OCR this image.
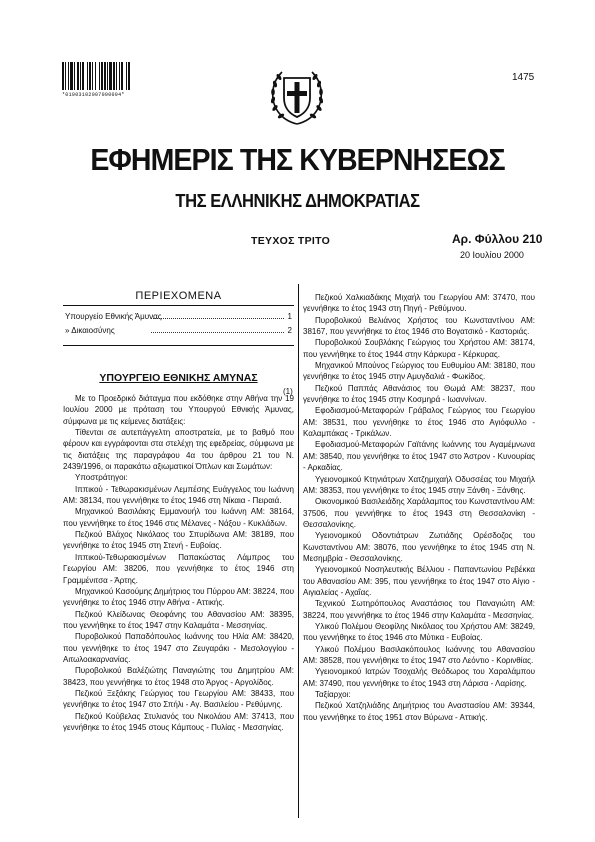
*01003102007000004*
1475
ΕΦΗΜΕΡΙΣ ΤΗΣ ΚΥΒΕΡΝΗΣΕΩΣ
ΤΗΣ ΕΛΛΗΝΙΚΗΣ ΔΗΜΟΚΡΑΤΙΑΣ
ΤΕΥΧΟΣ ΤΡΙΤΟ	Αρ. Φύλλου 210
20 Ιουλίου 2000
ΠΕΡΙΕΧΟΜΕΝΑ
Υπουργείο Εθνικής Άμυνας	1
» Δικαιοσύνης	2
ΥΠΟΥΡΓΕΙΟ ΕΘΝΙΚΗΣ ΑΜΥΝΑΣ
(1)

Με το Προεδρικό διάταγμα που εκδόθηκε στην Αθήνα την 19 Ιουλίου 2000 με πρόταση του Υπουργού Εθνικής Άμυνας, σύμφωνα με τις κείμενες διατάξεις:

Τίθενται σε αυτεπάγγελτη αποστρατεία, με το βαθμό που φέρουν και εγγράφονται στα στελέχη της εφεδρείας, σύμφωνα με τις διατάξεις της παραγράφου 4α του άρθρου 21 του Ν. 2439/1996, οι παρακάτω αξιωματικοί Όπλων και Σωμάτων:

Υποστράτηγοι:

Ιππικού - Τεθωρακισμένων Λεμπέσης Ευάγγελος του Ιωάννη ΑΜ: 38134, που γεννήθηκε το έτος 1946 στη Νίκαια - Πειραιά.

Μηχανικού Βασιλάκης Εμμανουήλ του Ιωάννη ΑΜ: 38164, που γεννήθηκε το έτος 1946 στις Μέλανες - Νάξου - Κυκλάδων.

Πεζικού Βλάχος Νικόλαος του Σπυρίδωνα ΑΜ: 38189, που γεννήθηκε το έτος 1945 στη Στενή - Ευβοίας.

Ιππικού-Τεθωρακισμένων Παπακώστας Λάμπρος του Γεωργίου ΑΜ: 38206, που γεννήθηκε το έτος 1946 στη Γραμμένιτσα - Άρτης.

Μηχανικού Κασούμης Δημήτριος του Πύρρου ΑΜ: 38224, που γεννήθηκε το έτος 1946 στην Αθήνα - Αττικής.

Πεζικού Κλείδωνας Θεοφάνης του Αθανασίου ΑΜ: 38395, που γεννήθηκε το έτος 1947 στην Καλαμάτα - Μεσσηνίας.

Πυροβολικού Παπαδόπουλος Ιωάννης του Ηλία ΑΜ: 38420, που γεννήθηκε το έτος 1947 στο Ζευγαράκι - Μεσολογγίου - Αιτωλοακαρνανίας.

Πυροβολικού Βαλέζιώτης Παναγιώτης του Δημητρίου ΑΜ: 38423, που γεννήθηκε το έτος 1948 στο Άργος - Αργολίδος.

Πεζικού Ξεξάκης Γεώργιος του Γεωργίου ΑΜ: 38433, που γεννήθηκε το έτος 1947 στο Σπήλι - Αγ. Βασιλείου - Ρεθύμνης.

Πεζικού Κούβελας Στυλιανός του Νικολάου ΑΜ: 37413, που γεννήθηκε το έτος 1945 στους Κάμπους - Πυλίας - Μεσσηνίας.

Πεζικού Χαλκιαδάκης Μιχαήλ του Γεωργίου ΑΜ: 37470, που γεννήθηκε το έτος 1943 στη Πηγή - Ρεθύμνου.

Πυροβολικού Βελιάνος Χρήστος του Κωνσταντίνου ΑΜ: 38167, που γεννήθηκε το έτος 1946 στο Βογατσικό - Καστοριάς.

Πυροβολικού Σουβλάκης Γεώργιος του Χρήστου ΑΜ: 38174, που γεννήθηκε το έτος 1944 στην Κάρκυρα - Κέρκυρας.

Μηχανικού Μπούνος Γεώργιος του Ευθυμίου ΑΜ: 38180, που γεννήθηκε το έτος 1945 στην Αμυγδαλιά - Φωκίδος.

Πεζικού Παππάς Αθανάσιος του Θωμά ΑΜ: 38237, που γεννήθηκε το έτος 1945 στην Κοσμηρά - Ιωαννίνων.

Εφοδιασμού-Μεταφορών Γράβαλος Γεώργιος του Γεωργίου ΑΜ: 38531, που γεννήθηκε το έτος 1946 στο Αγιόφυλλο - Καλαμπάκας - Τρικάλων.

Εφοδιασμού-Μεταφορών Γαϊτάνης Ιωάννης του Αγαμέμνωνα ΑΜ: 38540, που γεννήθηκε το έτος 1947 στο Άστρον - Κυνουρίας - Αρκαδίας.

Υγειονομικού Κτηνιάτρων Χατζημιχαήλ Οδυσσέας του Μιχαήλ ΑΜ: 38353, που γεννήθηκε το έτος 1945 στην Ξάνθη - Ξάνθης.

Οικονομικού Βασιλειάδης Χαράλαμπος του Κωνσταντίνου ΑΜ: 37506, που γεννήθηκε το έτος 1943 στη Θεσσαλονίκη - Θεσσαλονίκης.

Υγειονομικού Οδοντιάτρων Ζωτιάδης Ορέσδοζος του Κωνσταντίνου ΑΜ: 38076, που γεννήθηκε το έτος 1945 στη Ν. Μεσημβρία - Θεσσαλονίκης.

Υγειονομικού Νοσηλευτικής Βέλλιου - Παπαντωνίου Ρεβέκκα του Αθανασίου ΑΜ: 395, που γεννήθηκε το έτος 1947 στο Αίγιο - Αιγιαλείας - Αχαΐας.

Τεχνικού Σωτηρόπουλος Αναστάσιος του Παναγιώτη ΑΜ: 38224, που γεννήθηκε το έτος 1946 στην Καλαμάτα - Μεσσηνίας.

Υλικού Πολέμου Θεοφίλης Νικόλαος του Χρήστου ΑΜ: 38249, που γεννήθηκε το έτος 1946 στο Μύτικα - Ευβοίας.

Υλικού Πολέμου Βασιλακόπουλος Ιωάννης του Αθανασίου ΑΜ: 38528, που γεννήθηκε το έτος 1947 στο Λεόντιο - Κορινθίας.

Υγειονομικού Ιατρών Τσοχαλής Θεόδωρος του Χαραλάμπου ΑΜ: 37490, που γεννήθηκε το έτος 1943 στη Λάρισα - Λαρίσης.

Ταξίαρχοι:

Πεζικού Χατζηλιάδης Δημήτριος του Αναστασίου ΑΜ: 39344, που γεννήθηκε το έτος 1951 στον Βύρωνα - Αττικής.
